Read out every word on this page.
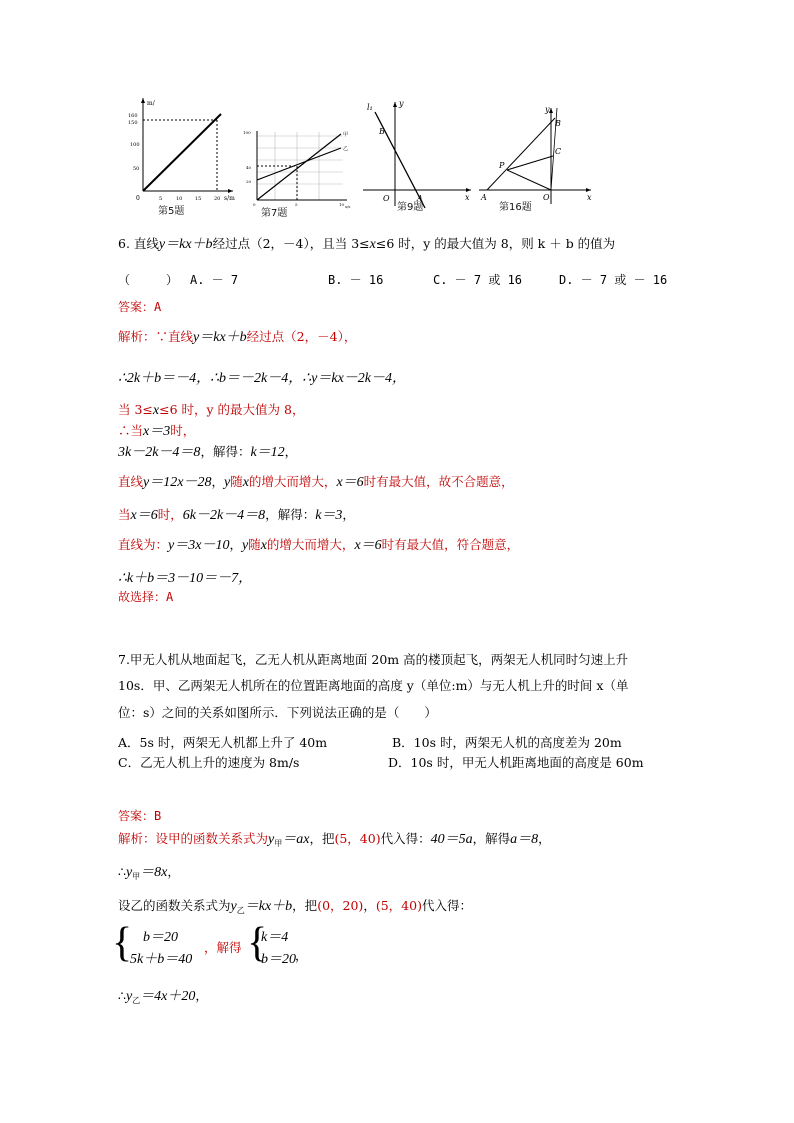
m/
s/m
160
150
100
50
0	5	10	15	20
第5题
100
40
20
0	5	10
甲
乙
s/s
第7题
l₁	y
x
B
O	A
第9题
y
x
B
C
P
A	O
第16题
6. 直线y＝kx＋b经过点（2，－4），且当 3≤x≤6 时，y 的最大值为 8，则 k ＋ b 的值为
（　　　） A. － 7	B. － 16	C. － 7 或 16	D. － 7 或 － 16
答案：A
解析：∵直线y＝kx＋b经过点（2，－4），
∴2k＋b＝－4，∴b＝－2k－4，∴y＝kx－2k－4，
当 3≤x≤6 时，y 的最大值为 8，
∴当x＝3时，
3k－2k－4＝8，解得：k＝12，
直线y＝12x－28，y随x的增大而增大，x＝6时有最大值，故不合题意，
当x＝6时，6k－2k－4＝8，解得：k＝3，
直线为：y＝3x－10，y随x的增大而增大，x＝6时有最大值，符合题意，
∴k＋b＝3－10＝－7，
故选择：A
7.甲无人机从地面起飞，乙无人机从距离地面 20m 高的楼顶起飞，两架无人机同时匀速上升
10s．甲、乙两架无人机所在的位置距离地面的高度 y（单位:m）与无人机上升的时间 x（单
位：s）之间的关系如图所示．下列说法正确的是（　　）
A．5s 时，两架无人机都上升了 40m	B．10s 时，两架无人机的高度差为 20m
C．乙无人机上升的速度为 8m/s	D．10s 时，甲无人机距离地面的高度是 60m
答案：B
解析：设甲的函数关系式为$y_甲=ax$，把(5，40)代入得：40＝5a，解得a＝8，
$\therefore y_甲=8x$，
设乙的函数关系式为$y_乙=kx+b$，把(0，20)，(5，40)代入得：
{ b＝20
5k＋b＝40
，解得 {
k＝4
b＝20 ，
$\therefore y_乙=4x+20$，
